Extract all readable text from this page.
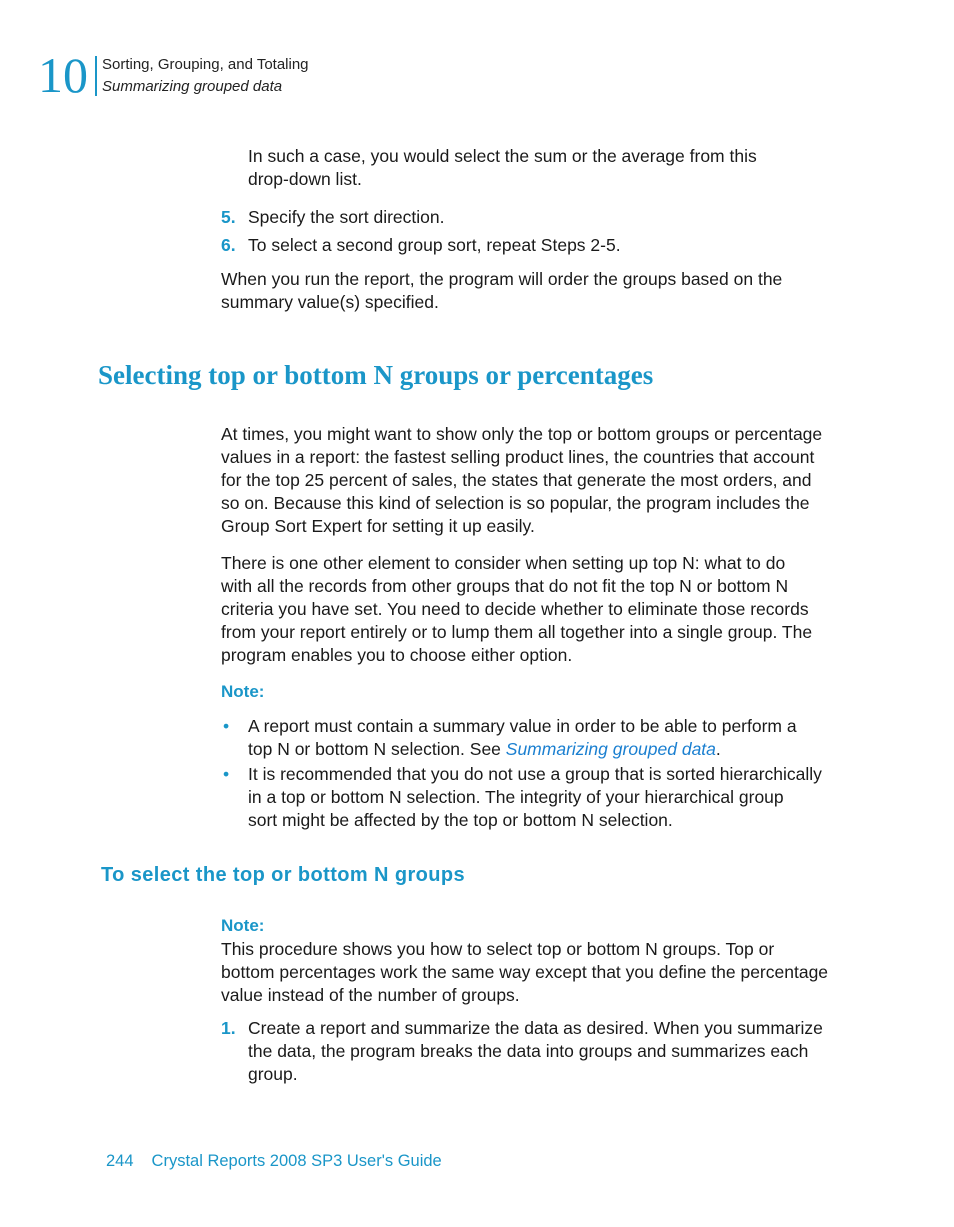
10 Sorting, Grouping, and Totaling
Summarizing grouped data
In such a case, you would select the sum or the average from this
drop-down list.
5. Specify the sort direction.
6. To select a second group sort, repeat Steps 2-5.
When you run the report, the program will order the groups based on the
summary value(s) specified.
Selecting top or bottom N groups or percentages
At times, you might want to show only the top or bottom groups or percentage
values in a report: the fastest selling product lines, the countries that account
for the top 25 percent of sales, the states that generate the most orders, and
so on. Because this kind of selection is so popular, the program includes the
Group Sort Expert for setting it up easily.
There is one other element to consider when setting up top N: what to do
with all the records from other groups that do not fit the top N or bottom N
criteria you have set. You need to decide whether to eliminate those records
from your report entirely or to lump them all together into a single group. The
program enables you to choose either option.
Note:
• A report must contain a summary value in order to be able to perform a
top N or bottom N selection. See Summarizing grouped data.
• It is recommended that you do not use a group that is sorted hierarchically
in a top or bottom N selection. The integrity of your hierarchical group
sort might be affected by the top or bottom N selection.
To select the top or bottom N groups
Note:
This procedure shows you how to select top or bottom N groups. Top or
bottom percentages work the same way except that you define the percentage
value instead of the number of groups.
1. Create a report and summarize the data as desired. When you summarize
the data, the program breaks the data into groups and summarizes each
group.
244 Crystal Reports 2008 SP3 User's Guide
